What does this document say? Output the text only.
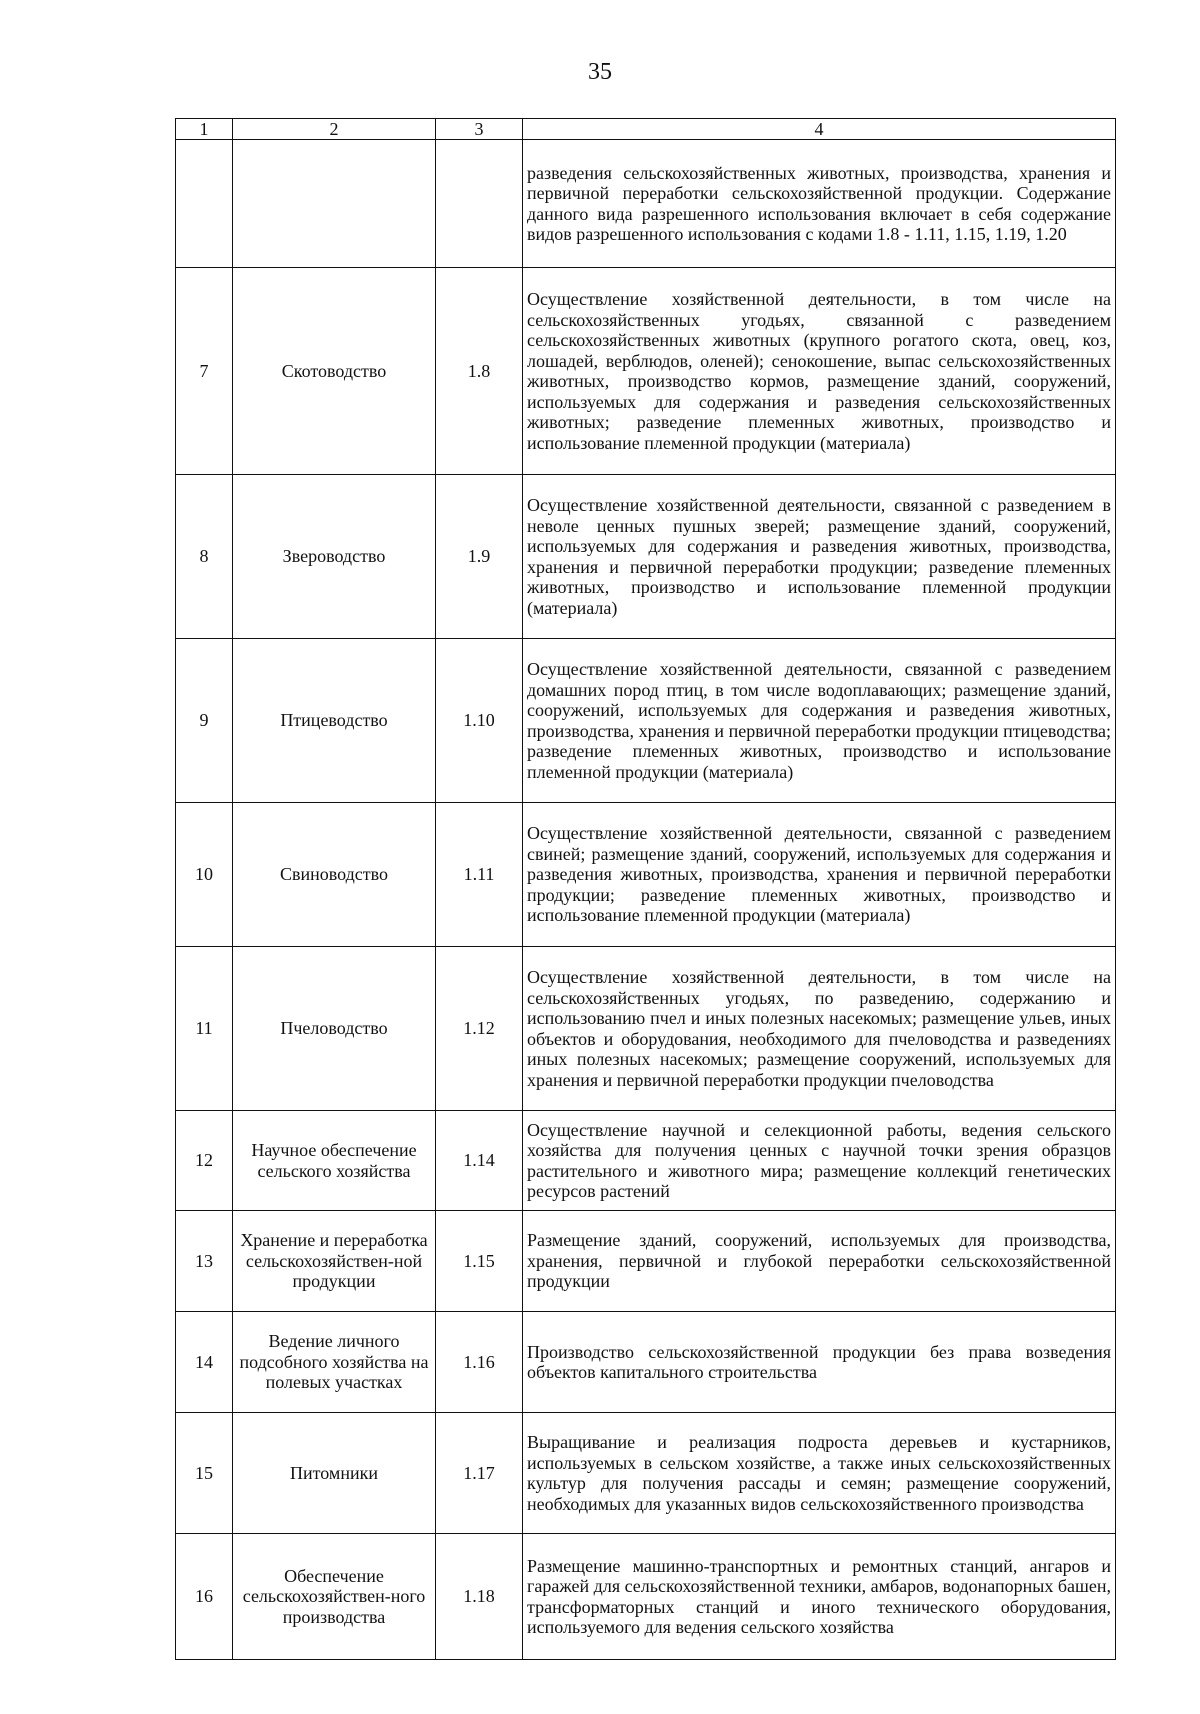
35
1	2	3	4
			разведения сельскохозяйственных животных, производства, хранения и первичной переработки сельскохозяйственной продукции. Содержание данного вида разрешенного использования включает в себя содержание видов разрешенного использования с кодами 1.8 - 1.11, 1.15, 1.19, 1.20
7	Скотоводство	1.8	Осуществление хозяйственной деятельности, в том числе на сельскохозяйственных угодьях, связанной с разведением сельскохозяйственных животных (крупного рогатого скота, овец, коз, лошадей, верблюдов, оленей); сенокошение, выпас сельскохозяйственных животных, производство кормов, размещение зданий, сооружений, используемых для содержания и разведения сельскохозяйственных животных; разведение племенных животных, производство и использование племенной продукции (материала)
8	Звероводство	1.9	Осуществление хозяйственной деятельности, связанной с разведением в неволе ценных пушных зверей; размещение зданий, сооружений, используемых для содержания и разведения животных, производства, хранения и первичной переработки продукции; разведение племенных животных, производство и использование племенной продукции (материала)
9	Птицеводство	1.10	Осуществление хозяйственной деятельности, связанной с разведением домашних пород птиц, в том числе водоплавающих; размещение зданий, сооружений, используемых для содержания и разведения животных, производства, хранения и первичной переработки продукции птицеводства; разведение племенных животных, производство и использование племенной продукции (материала)
10	Свиноводство	1.11	Осуществление хозяйственной деятельности, связанной с разведением свиней; размещение зданий, сооружений, используемых для содержания и разведения животных, производства, хранения и первичной переработки продукции; разведение племенных животных, производство и использование племенной продукции (материала)
11	Пчеловодство	1.12	Осуществление хозяйственной деятельности, в том числе на сельскохозяйственных угодьях, по разведению, содержанию и использованию пчел и иных полезных насекомых; размещение ульев, иных объектов и оборудования, необходимого для пчеловодства и разведениях иных полезных насекомых; размещение сооружений, используемых для хранения и первичной переработки продукции пчеловодства
12	Научное обеспечение сельского хозяйства	1.14	Осуществление научной и селекционной работы, ведения сельского хозяйства для получения ценных с научной точки зрения образцов растительного и животного мира; размещение коллекций генетических ресурсов растений
13	Хранение и переработка сельскохозяйствен-ной продукции	1.15	Размещение зданий, сооружений, используемых для производства, хранения, первичной и глубокой переработки сельскохозяйственной продукции
14	Ведение личного подсобного хозяйства на полевых участках	1.16	Производство сельскохозяйственной продукции без права возведения объектов капитального строительства
15	Питомники	1.17	Выращивание и реализация подроста деревьев и кустарников, используемых в сельском хозяйстве, а также иных сельскохозяйственных культур для получения рассады и семян; размещение сооружений, необходимых для указанных видов сельскохозяйственного производства
16	Обеспечение сельскохозяйствен-ного производства	1.18	Размещение машинно-транспортных и ремонтных станций, ангаров и гаражей для сельскохозяйственной техники, амбаров, водонапорных башен, трансформаторных станций и иного технического оборудования, используемого для ведения сельского хозяйства
